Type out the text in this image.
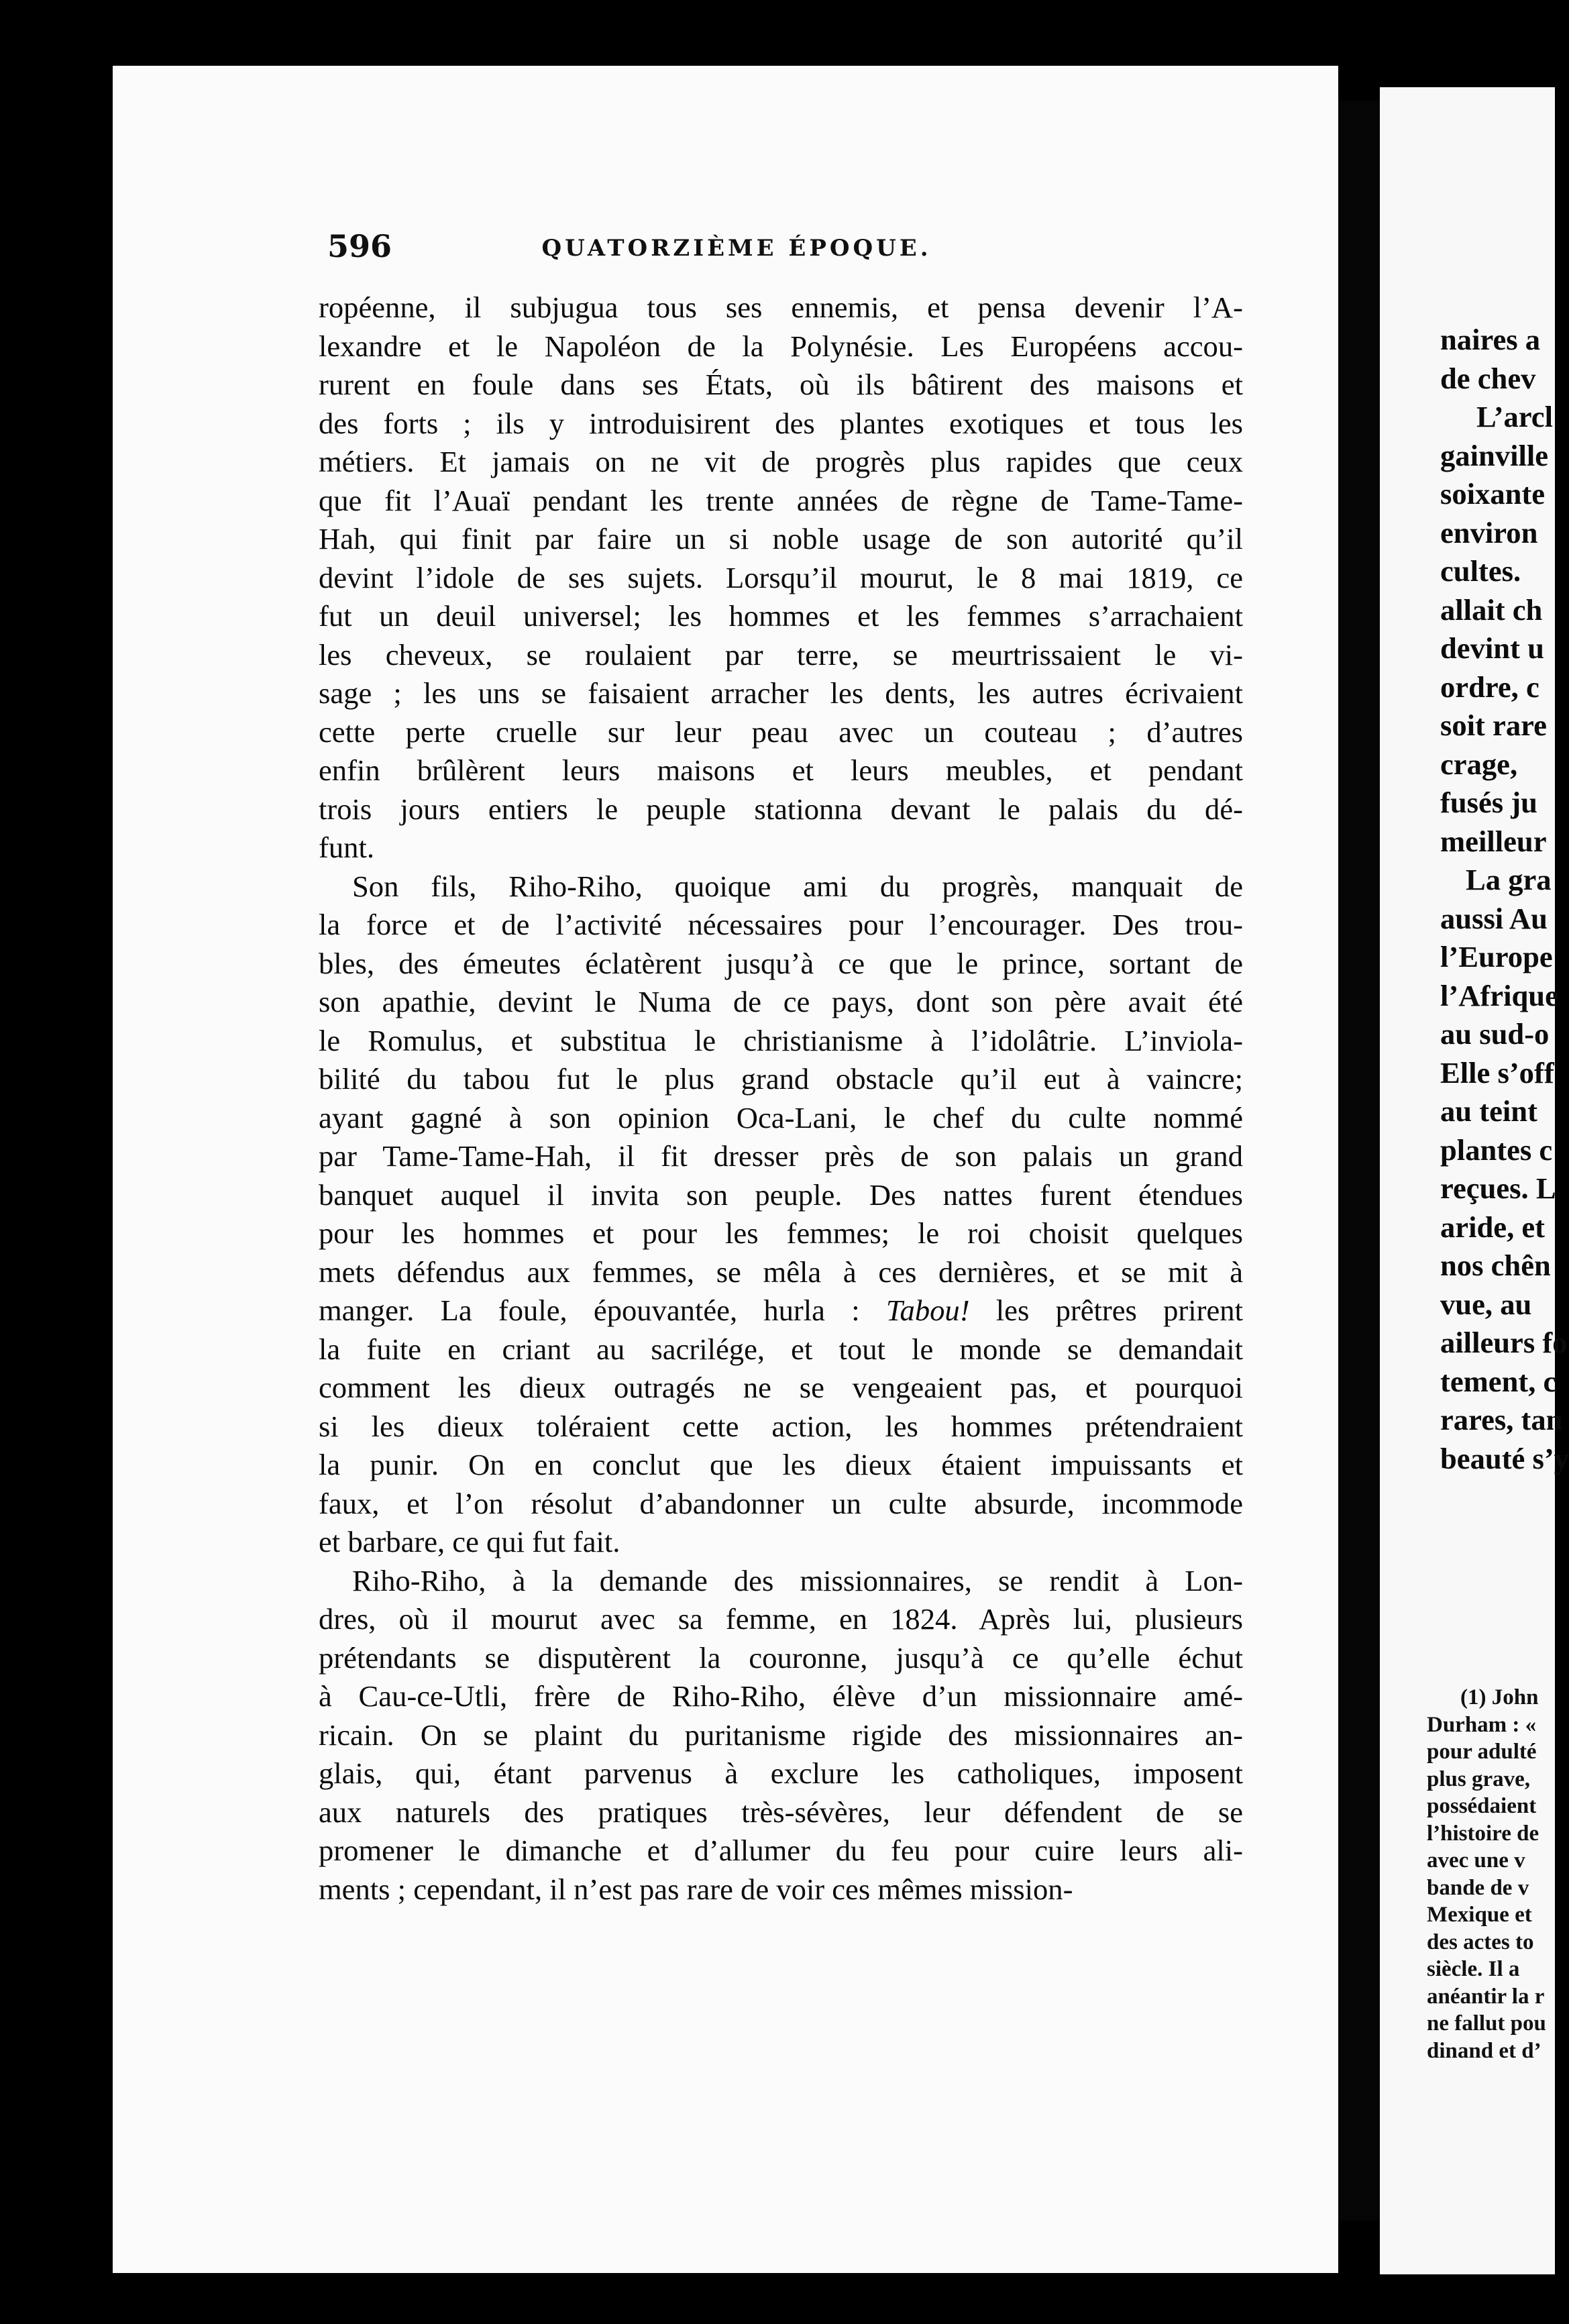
596	QUATORZIÈME ÉPOQUE.
ropéenne, il subjugua tous ses ennemis, et pensa devenir l’A-
lexandre et le Napoléon de la Polynésie. Les Européens accou-
rurent en foule dans ses États, où ils bâtirent des maisons et
des forts ; ils y introduisirent des plantes exotiques et tous les
métiers. Et jamais on ne vit de progrès plus rapides que ceux
que fit l’Auaï pendant les trente années de règne de Tame-Tame-
Hah, qui finit par faire un si noble usage de son autorité qu’il
devint l’idole de ses sujets. Lorsqu’il mourut, le 8 mai 1819, ce
fut un deuil universel; les hommes et les femmes s’arrachaient
les cheveux, se roulaient par terre, se meurtrissaient le vi-
sage ; les uns se faisaient arracher les dents, les autres écrivaient
cette perte cruelle sur leur peau avec un couteau ; d’autres
enfin brûlèrent leurs maisons et leurs meubles, et pendant
trois jours entiers le peuple stationna devant le palais du dé-
funt.
Son fils, Riho-Riho, quoique ami du progrès, manquait de
la force et de l’activité nécessaires pour l’encourager. Des trou-
bles, des émeutes éclatèrent jusqu’à ce que le prince, sortant de
son apathie, devint le Numa de ce pays, dont son père avait été
le Romulus, et substitua le christianisme à l’idolâtrie. L’inviola-
bilité du tabou fut le plus grand obstacle qu’il eut à vaincre;
ayant gagné à son opinion Oca-Lani, le chef du culte nommé
par Tame-Tame-Hah, il fit dresser près de son palais un grand
banquet auquel il invita son peuple. Des nattes furent étendues
pour les hommes et pour les femmes; le roi choisit quelques
mets défendus aux femmes, se mêla à ces dernières, et se mit à
manger. La foule, épouvantée, hurla : Tabou! les prêtres prirent
la fuite en criant au sacrilége, et tout le monde se demandait
comment les dieux outragés ne se vengeaient pas, et pourquoi
si les dieux toléraient cette action, les hommes prétendraient
la punir. On en conclut que les dieux étaient impuissants et
faux, et l’on résolut d’abandonner un culte absurde, incommode
et barbare, ce qui fut fait.
Riho-Riho, à la demande des missionnaires, se rendit à Lon-
dres, où il mourut avec sa femme, en 1824. Après lui, plusieurs
prétendants se disputèrent la couronne, jusqu’à ce qu’elle échut
à Cau-ce-Utli, frère de Riho-Riho, élève d’un missionnaire amé-
ricain. On se plaint du puritanisme rigide des missionnaires an-
glais, qui, étant parvenus à exclure les catholiques, imposent
aux naturels des pratiques très-sévères, leur défendent de se
promener le dimanche et d’allumer du feu pour cuire leurs ali-
ments ; cependant, il n’est pas rare de voir ces mêmes mission-
naires a
de chev
L’arcl
gainville
soixante
environ
cultes.
allait ch
devint u
ordre, c
soit rare
crage,
fusés ju
meilleur
La gra
aussi Au
l’Europe
l’Afrique
au sud-o
Elle s’off
au teint
plantes c
reçues. L
aride, et
nos chên
vue, au
ailleurs fo
tement, c
rares, tan
beauté s’y
(1) John
Durham : «
pour adulté
plus grave,
possédaient
l’histoire de
avec une v
bande de v
Mexique et
des actes to
siècle. Il a
anéantir la r
ne fallut pou
dinand et d’
